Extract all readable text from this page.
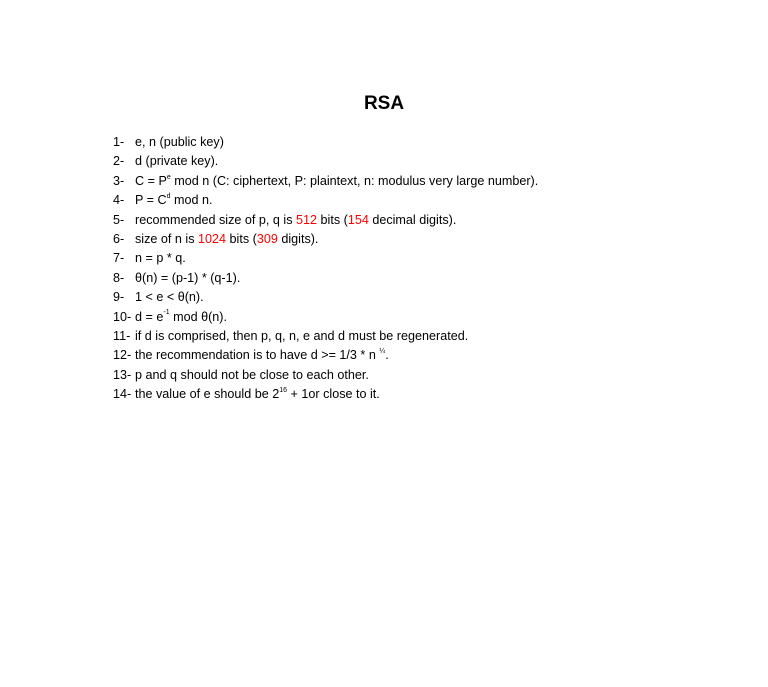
RSA
1- e, n (public key)
2- d (private key).
3- $C = P^e$ mod n (C: ciphertext, P: plaintext, n: modulus very large number).
4- $P = C^d$ mod n.
5- recommended size of p, q is 512 bits (154 decimal digits).
6- size of n is 1024 bits (309 digits).
7- n = p * q.
8- θ(n) = (p-1) * (q-1).
9- 1 < e < θ(n).
10- $d = e^{-1}$ mod θ(n).
11- if d is comprised, then p, q, n, e and d must be regenerated.
12- the recommendation is to have d >= 1/3 * n $^{\frac{1}{4}}$.
13- p and q should not be close to each other.
14- the value of e should be $2^{16} + 1or$ close to it.
